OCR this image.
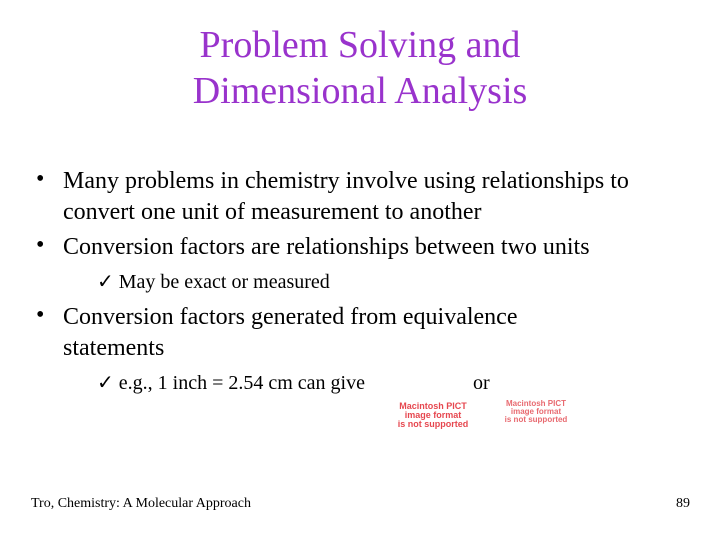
Problem Solving and
Dimensional Analysis
• Many problems in chemistry involve using relationships to convert one unit of measurement to another
• Conversion factors are relationships between two units
✓ May be exact or measured
• Conversion factors generated from equivalence statements
✓ e.g., 1 inch = 2.54 cm can give	or
Macintosh PICT
image format
is not supported
Macintosh PICT
image format
is not supported
Tro, Chemistry: A Molecular Approach	89
